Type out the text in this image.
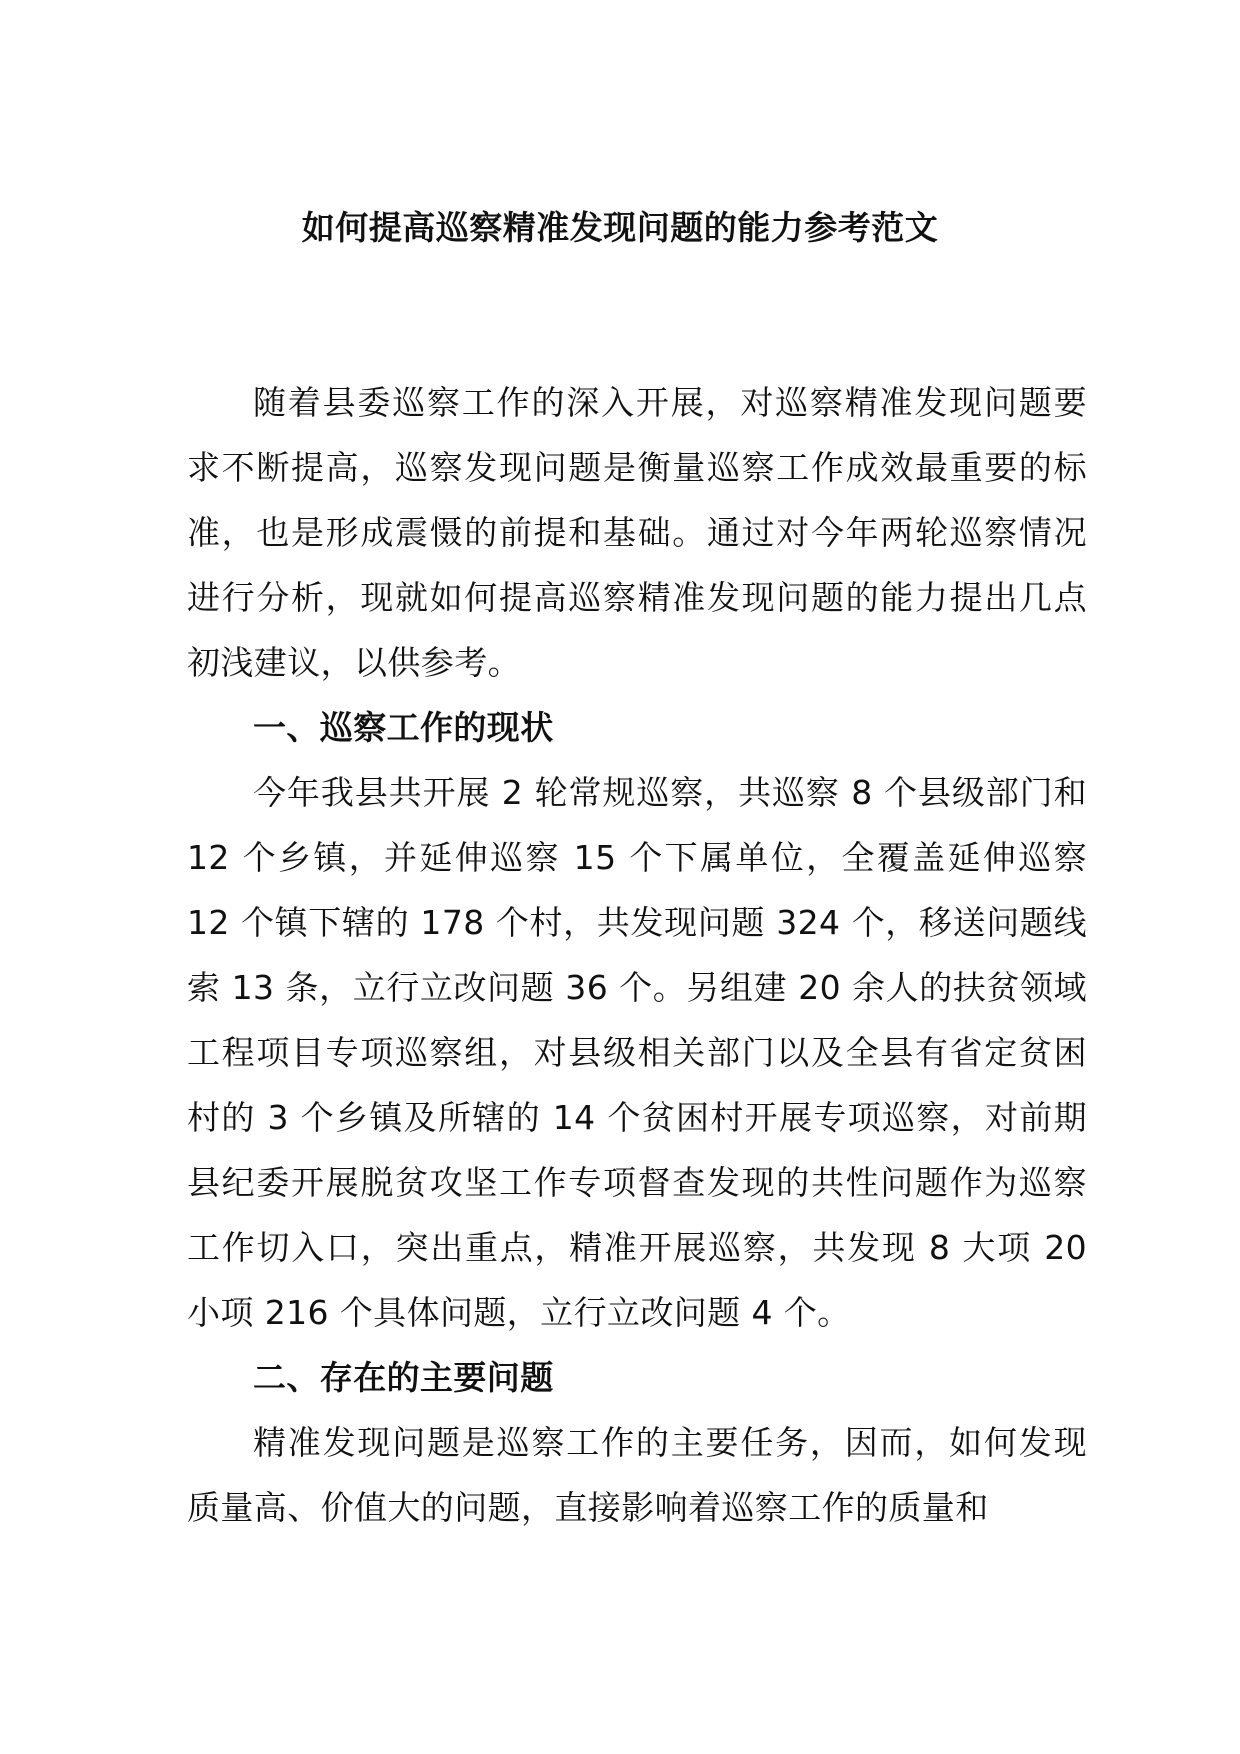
如何提高巡察精准发现问题的能力参考范文

随着县委巡察工作的深入开展，对巡察精准发现问题要求不断提高，巡察发现问题是衡量巡察工作成效最重要的标准，也是形成震慑的前提和基础。通过对今年两轮巡察情况进行分析，现就如何提高巡察精准发现问题的能力提出几点初浅建议，以供参考。

一、巡察工作的现状

今年我县共开展 2 轮常规巡察，共巡察 8 个县级部门和 12 个乡镇，并延伸巡察 15 个下属单位，全覆盖延伸巡察 12 个镇下辖的 178 个村，共发现问题 324 个，移送问题线索 13 条，立行立改问题 36 个。另组建 20 余人的扶贫领域工程项目专项巡察组，对县级相关部门以及全县有省定贫困村的 3 个乡镇及所辖的 14 个贫困村开展专项巡察，对前期县纪委开展脱贫攻坚工作专项督查发现的共性问题作为巡察工作切入口，突出重点，精准开展巡察，共发现 8 大项 20 小项 216 个具体问题，立行立改问题 4 个。

二、存在的主要问题

精准发现问题是巡察工作的主要任务，因而，如何发现质量高、价值大的问题，直接影响着巡察工作的质量和
